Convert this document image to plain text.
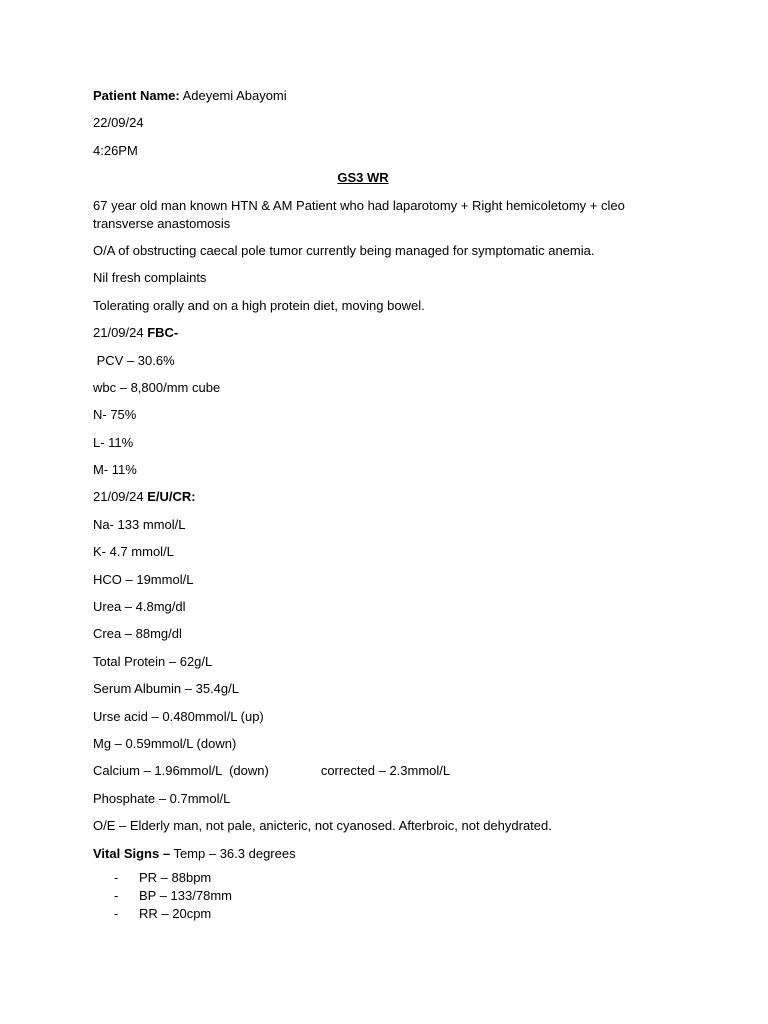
Patient Name: Adeyemi Abayomi

22/09/24

4:26PM

GS3 WR

67 year old man known HTN & AM Patient who had laparotomy + Right hemicoletomy + cleo transverse anastomosis

O/A of obstructing caecal pole tumor currently being managed for symptomatic anemia.

Nil fresh complaints

Tolerating orally and on a high protein diet, moving bowel.

21/09/24 FBC-

PCV – 30.6%

wbc – 8,800/mm cube

N- 75%

L- 11%

M- 11%

21/09/24 E/U/CR:

Na- 133 mmol/L

K- 4.7 mmol/L

HCO – 19mmol/L

Urea – 4.8mg/dl

Crea – 88mg/dl

Total Protein – 62g/L

Serum Albumin – 35.4g/L

Urse acid – 0.480mmol/L (up)

Mg – 0.59mmol/L (down)

Calcium – 1.96mmol/L  (down)	corrected – 2.3mmol/L

Phosphate – 0.7mmol/L

O/E – Elderly man, not pale, anicteric, not cyanosed. Afterbroic, not dehydrated.

Vital Signs – Temp – 36.3 degrees

- PR – 88bpm
- BP – 133/78mm
- RR – 20cpm
